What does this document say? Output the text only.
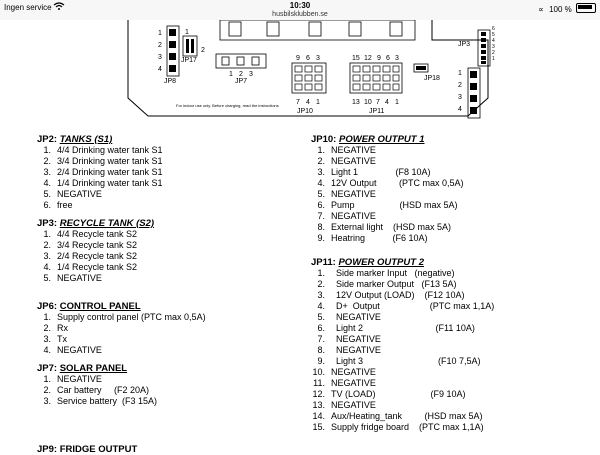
Ingen service	10:30
husbilsklubben.se
∝ 100 %
1
2
3
4
JP8
1
2
JP17
1 2 3
JP7
9 6 3
7 4 1
JP10
15 12 9 6 3
13 10 7 4 1
JP11
JP18
1
2
3
4
JP3
6
5
4
3
2
1
For indoor use only. Before charging, read the instructions
JP2: TANKS (S1)
1. 4/4 Drinking water tank S1
2. 3/4 Drinking water tank S1
3. 2/4 Drinking water tank S1
4. 1/4 Drinking water tank S1
5. NEGATIVE
6. free
JP3: RECYCLE TANK (S2)
1. 4/4 Recycle tank S2
2. 3/4 Recycle tank S2
3. 2/4 Recycle tank S2
4. 1/4 Recycle tank S2
5. NEGATIVE
JP6: CONTROL PANEL
1. Supply control panel (PTC max 0,5A)
2. Rx
3. Tx
4. NEGATIVE
JP7: SOLAR PANEL
1. NEGATIVE
2. Car battery     (F2 20A)
3. Service battery  (F3 15A)
JP9: FRIDGE OUTPUT
JP10: POWER OUTPUT 1
1. NEGATIVE
2. NEGATIVE
3. Light 1               (F8 10A)
4. 12V Output         (PTC max 0,5A)
5. NEGATIVE
6. Pump                  (HSD max 5A)
7. NEGATIVE
8. External light    (HSD max 5A)
9. Heatring           (F6 10A)
JP11: POWER OUTPUT 2
1. Side marker Input   (negative)
2. Side marker Output   (F13 5A)
3. 12V Output (LOAD)    (F12 10A)
4. D+  Output                    (PTC max 1,1A)
5. NEGATIVE
6. Light 2                             (F11 10A)
7. NEGATIVE
8. NEGATIVE
9. Light 3                              (F10 7,5A)
10. NEGATIVE
11. NEGATIVE
12. TV (LOAD)                      (F9 10A)
13. NEGATIVE
14. Aux/Heating_tank         (HSD max 5A)
15. Supply fridge board    (PTC max 1,1A)
